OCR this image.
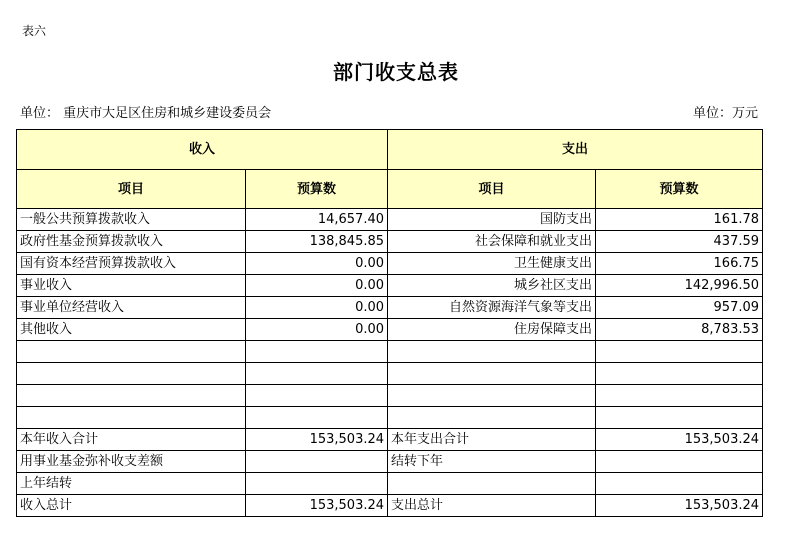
表六
部门收支总表
单位： 重庆市大足区住房和城乡建设委员会	单位：万元
收入		支出	
项目	预算数	项目	预算数
一般公共预算拨款收入	14,657.40	国防支出	161.78
政府性基金预算拨款收入	138,845.85	社会保障和就业支出	437.59
国有资本经营预算拨款收入	0.00	卫生健康支出	166.75
事业收入	0.00	城乡社区支出	142,996.50
事业单位经营收入	0.00	自然资源海洋气象等支出	957.09
其他收入	0.00	住房保障支出	8,783.53

本年收入合计	153,503.24	本年支出合计	153,503.24
用事业基金弥补收支差额		结转下年	
上年结转			
收入总计	153,503.24	支出总计	153,503.24
